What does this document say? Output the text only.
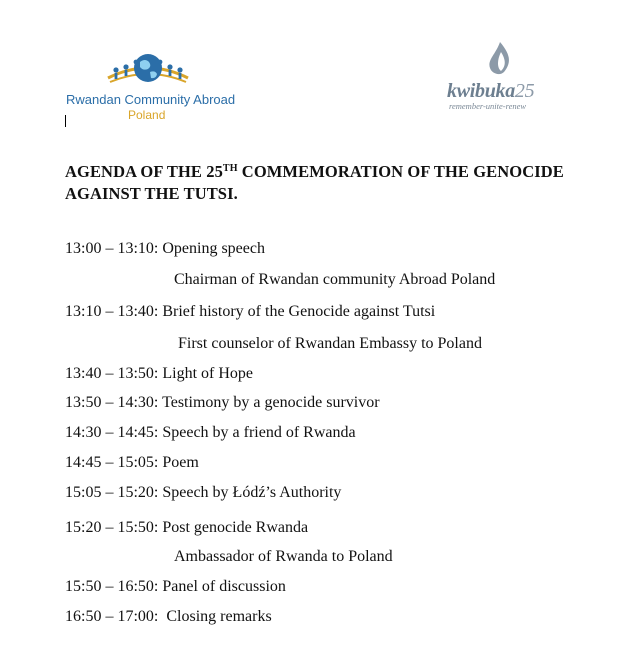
Rwandan Community Abroad
Poland
kwibuka25
remember-unite-renew
AGENDA OF THE 25TH COMMEMORATION OF THE GENOCIDE AGAINST THE TUTSI.
13:00 – 13:10: Opening speech
Chairman of Rwandan community Abroad Poland
13:10 – 13:40: Brief history of the Genocide against Tutsi
First counselor of Rwandan Embassy to Poland
13:40 – 13:50: Light of Hope
13:50 – 14:30: Testimony by a genocide survivor
14:30 – 14:45: Speech by a friend of Rwanda
14:45 – 15:05: Poem
15:05 – 15:20: Speech by Łódź’s Authority
15:20 – 15:50: Post genocide Rwanda
Ambassador of Rwanda to Poland
15:50 – 16:50: Panel of discussion
16:50 – 17:00:  Closing remarks
